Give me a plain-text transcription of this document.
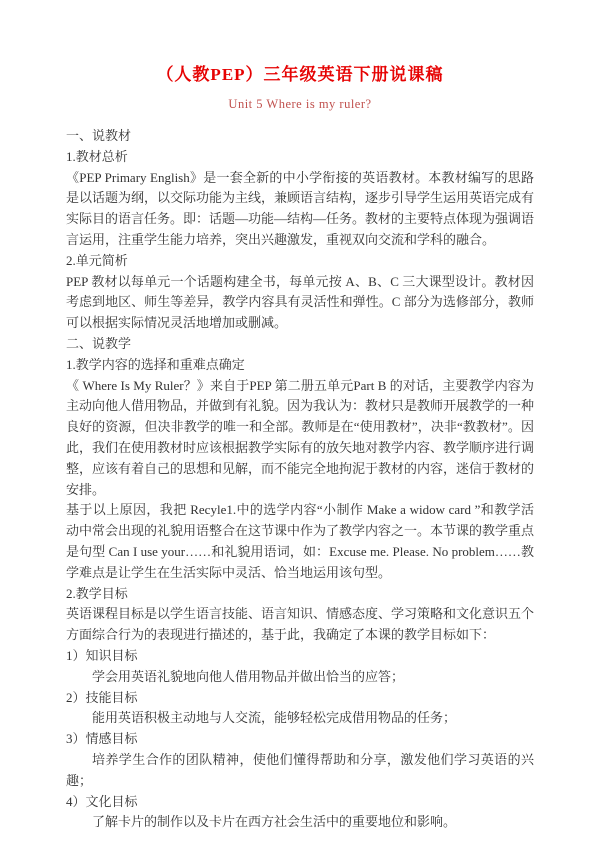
（人教PEP）三年级英语下册说课稿
Unit 5 Where is my ruler?

一、说教材

1.教材总析

《PEP Primary English》是一套全新的中小学衔接的英语教材。本教材编写的思路是以话题为纲，以交际功能为主线，兼顾语言结构，逐步引导学生运用英语完成有实际目的语言任务。即：话题—功能—结构—任务。教材的主要特点体现为强调语言运用，注重学生能力培养，突出兴趣激发，重视双向交流和学科的融合。

2.单元简析

PEP 教材以每单元一个话题构建全书，每单元按 A、B、C 三大课型设计。教材因考虑到地区、师生等差异，教学内容具有灵活性和弹性。C 部分为选修部分，教师可以根据实际情况灵活地增加或删减。

二、说教学

1.教学内容的选择和重难点确定

《 Where Is My Ruler？》来自于PEP 第二册五单元Part B 的对话，主要教学内容为主动向他人借用物品，并做到有礼貌。因为我认为：教材只是教师开展教学的一种良好的资源，但决非教学的唯一和全部。教师是在“使用教材”，决非“教教材”。因此，我们在使用教材时应该根据教学实际有的放矢地对教学内容、教学顺序进行调整，应该有着自己的思想和见解，而不能完全地拘泥于教材的内容，迷信于教材的安排。

基于以上原因，我把 Recyle1.中的选学内容“小制作 Make a widow card ”和教学活动中常会出现的礼貌用语整合在这节课中作为了教学内容之一。本节课的教学重点是句型 Can I use your……和礼貌用语词，如：Excuse me. Please. No problem……教学难点是让学生在生活实际中灵活、恰当地运用该句型。

2.教学目标

英语课程目标是以学生语言技能、语言知识、情感态度、学习策略和文化意识五个方面综合行为的表现进行描述的，基于此，我确定了本课的教学目标如下：

1）知识目标

学会用英语礼貌地向他人借用物品并做出恰当的应答；

2）技能目标

能用英语积极主动地与人交流，能够轻松完成借用物品的任务；

3）情感目标

培养学生合作的团队精神，使他们懂得帮助和分享，激发他们学习英语的兴趣；

4）文化目标

了解卡片的制作以及卡片在西方社会生活中的重要地位和影响。
